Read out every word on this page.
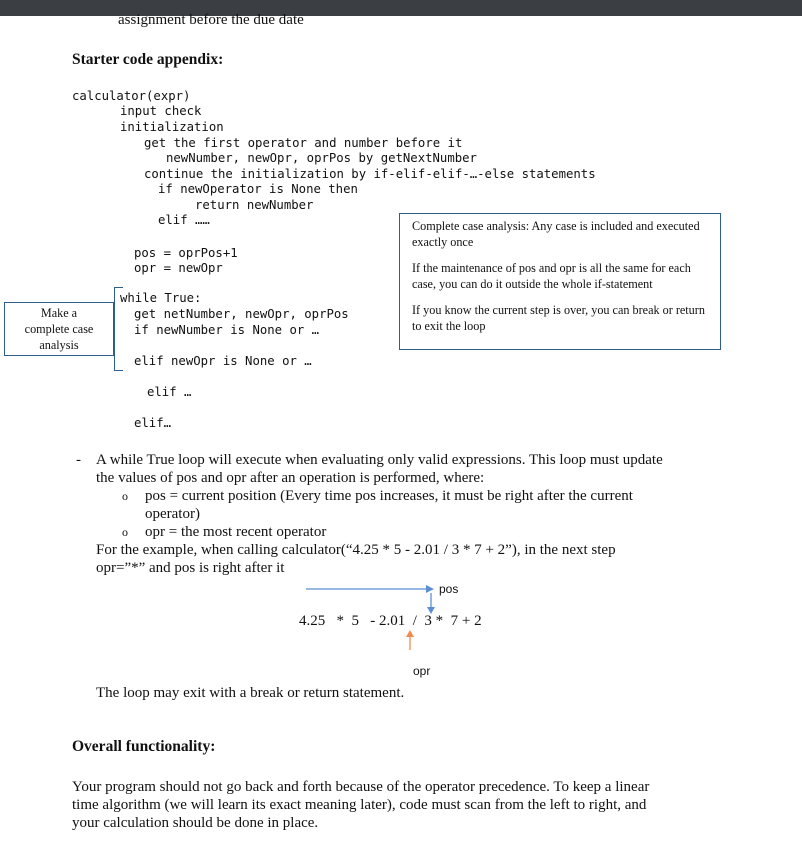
assignment before the due date
Starter code appendix:
calculator(expr)
input check
initialization
get the first operator and number before it
newNumber, newOpr, oprPos by getNextNumber
continue the initialization by if-elif-elif-…-else statements
if newOperator is None then
return newNumber
elif ……
pos = oprPos+1
opr = newOpr
while True:
get netNumber, newOpr, oprPos
if newNumber is None or …
elif newOpr is None or …
elif …
elif…

Complete case analysis: Any case is included and executed exactly once

If the maintenance of pos and opr is all the same for each case, you can do it outside the whole if-statement

If you know the current step is over, you can break or return to exit the loop

Make a
complete case
analysis
- A while True loop will execute when evaluating only valid expressions. This loop must update
the values of pos and opr after an operation is performed, where:
o pos = current position (Every time pos increases, it must be right after the current
operator)
o opr = the most recent operator
For the example, when calling calculator(“4.25 * 5 - 2.01 / 3 * 7 + 2”), in the next step
opr=”*” and pos is right after it
pos
4.25   *  5   - 2.01  /  3 *  7 + 2
opr
The loop may exit with a break or return statement.
Overall functionality:
Your program should not go back and forth because of the operator precedence. To keep a linear
time algorithm (we will learn its exact meaning later), code must scan from the left to right, and
your calculation should be done in place.
